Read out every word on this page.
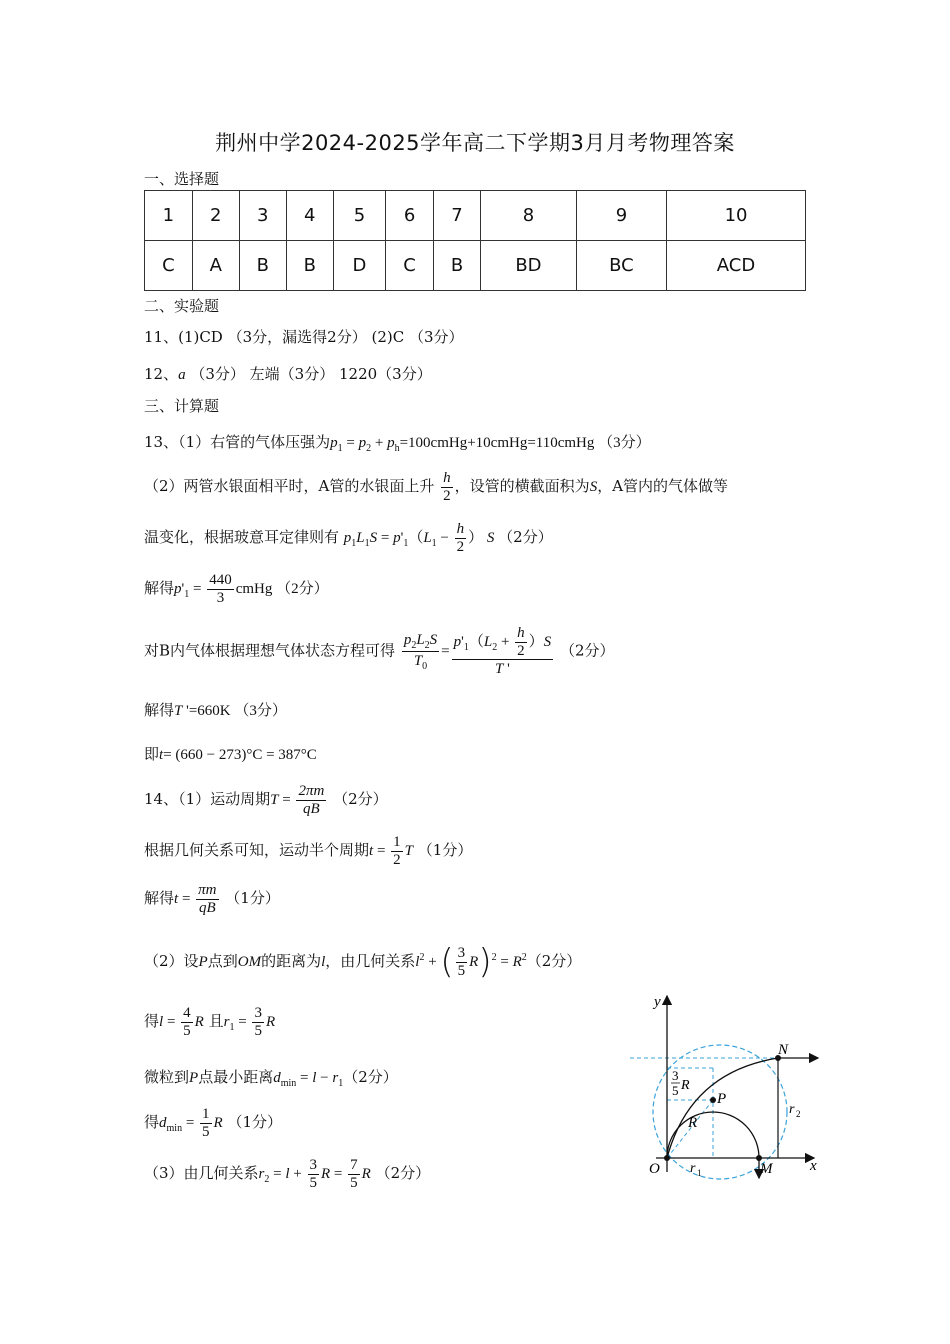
荆州中学2024-2025学年高二下学期3月月考物理答案
一、选择题
1	2	3	4	5	6	7	8	9	10
C	A	B	B	D	C	B	BD	BC	ACD
二、实验题
11、(1)CD （3分，漏选得2分） (2)C （3分）
12、a （3分） 左端（3分） 1220（3分）
三、计算题
13、（1）右管的气体压强为$p_1 = p_2$ + $p_h=100cmHg+10cmHg=110cmHg$ （3分）
（2）两管水银面相平时，A管的水银面上升 $\frac{h}{2}$ ，设管的横截面积为S，A管内的气体做等
温变化，根据玻意耳定律则有 $p_1L_1S = p'_1(L_1 - \frac{h}{2}$ ） S （2分）
解得$p'_1 = \frac{440}{3}$ cmHg （2分）
对B内气体根据理想气体状态方程可得 $\frac{p_2L_2S}{T_0} = \frac{p'_1(L_2 + \frac{h}{2} )S}{T '} (2$分）
解得T '=660K （3分）
即t= (660 − 273)°C = 387°C
14、（1）运动周期$T = \frac{2\pi m}{qB} (2$分）
根据几何关系可知，运动半个周期$t = \frac{1}{2}$ T （1分）
解得$t = \frac{\pi m}{qB} (1$分）
（2）设P点到OM的距离为l，由几何关系$l^2$ + ( $\frac{3}{5} R)^2 = R^2(2$分）
得$l = \frac{4}{5}$ R 且$r_1 = \frac{3}{5}$ R
微粒到P点最小距离$d_{min} = l - r_1(2$分）
得$d_{min} = \frac{1}{5}$ R （1分）
（3）由几何关系$r_2 = l + \frac{3}{5}$ $R = \frac{7}{5}$ R （2分）
y
x
O	M
N
P
R
r 1
r 2
3
5 R
